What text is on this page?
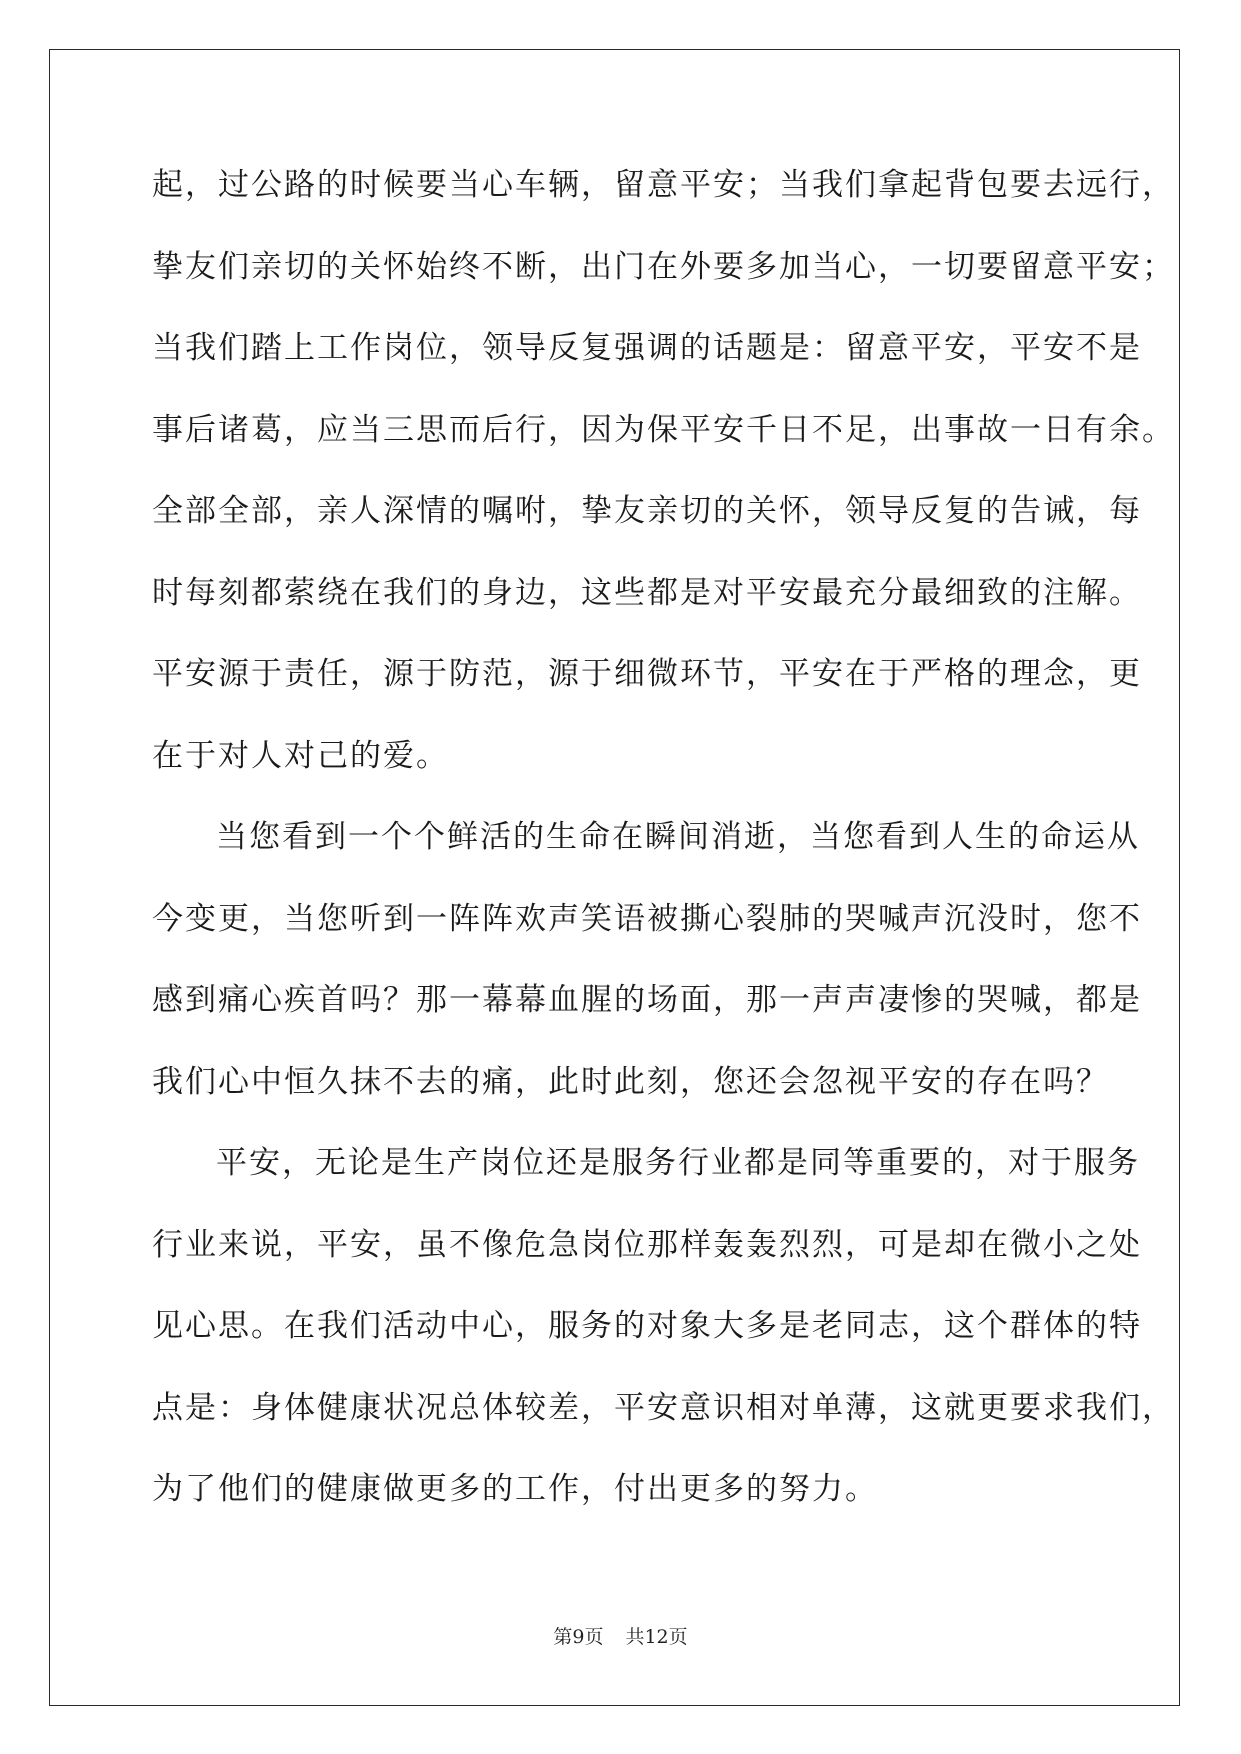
起，过公路的时候要当心车辆，留意平安；当我们拿起背包要去远行，
挚友们亲切的关怀始终不断，出门在外要多加当心，一切要留意平安；
当我们踏上工作岗位，领导反复强调的话题是：留意平安，平安不是
事后诸葛，应当三思而后行，因为保平安千日不足，出事故一日有余。
全部全部，亲人深情的嘱咐，挚友亲切的关怀，领导反复的告诫，每
时每刻都萦绕在我们的身边，这些都是对平安最充分最细致的注解。
平安源于责任，源于防范，源于细微环节，平安在于严格的理念，更
在于对人对己的爱。
当您看到一个个鲜活的生命在瞬间消逝，当您看到人生的命运从
今变更，当您听到一阵阵欢声笑语被撕心裂肺的哭喊声沉没时，您不
感到痛心疾首吗？那一幕幕血腥的场面，那一声声凄惨的哭喊，都是
我们心中恒久抹不去的痛，此时此刻，您还会忽视平安的存在吗？
平安，无论是生产岗位还是服务行业都是同等重要的，对于服务
行业来说，平安，虽不像危急岗位那样轰轰烈烈，可是却在微小之处
见心思。在我们活动中心，服务的对象大多是老同志，这个群体的特
点是：身体健康状况总体较差，平安意识相对单薄，这就更要求我们，
为了他们的健康做更多的工作，付出更多的努力。
第9页 共12页
